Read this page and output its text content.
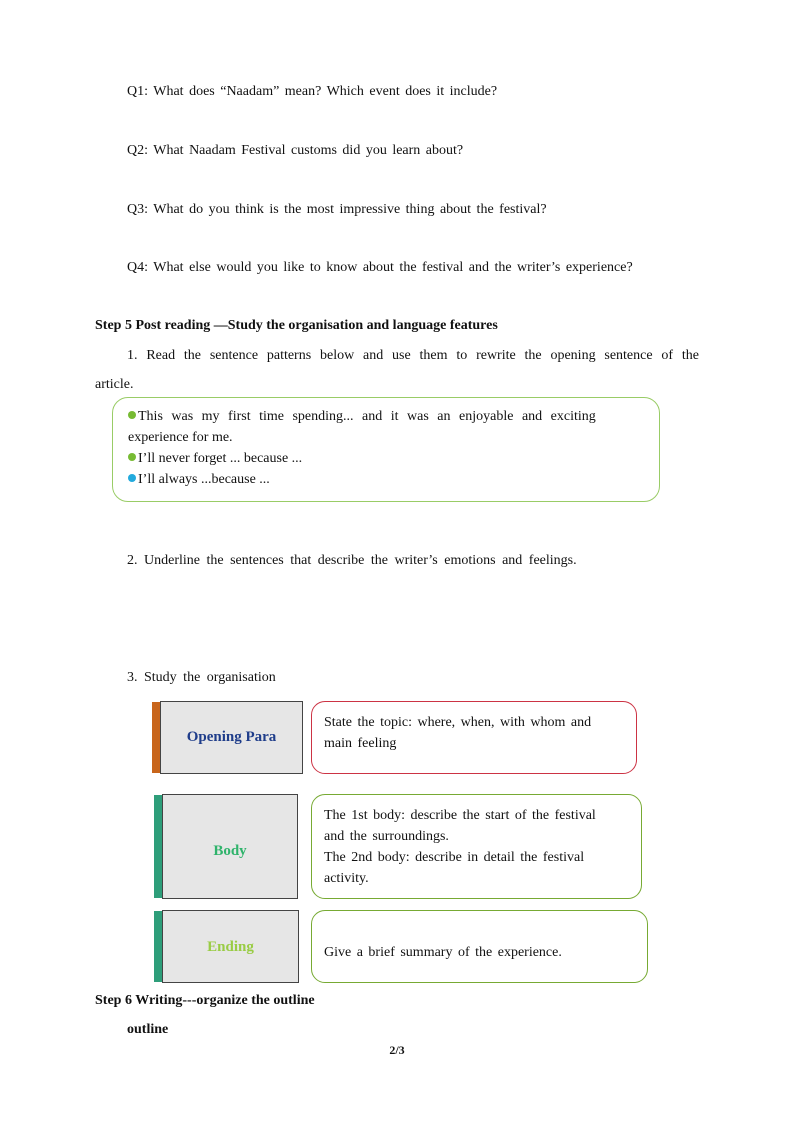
Q1: What does “Naadam” mean? Which event does it include?
Q2: What Naadam Festival customs did you learn about?
Q3: What do you think is the most impressive thing about the festival?
Q4: What else would you like to know about the festival and the writer’s experience?
Step 5 Post reading —Study the organisation and language features
1. Read the sentence patterns below and use them to rewrite the opening sentence of the
article.
This was my first time spending... and it was an enjoyable and exciting
experience for me.
I’ll never forget ... because ...
I’ll always ...because ...
2. Underline the sentences that describe the writer’s emotions and feelings.
3. Study the organisation
Opening Para
State the topic: where, when, with whom and
main feeling
Body
The 1st body: describe the start of the festival
and the surroundings.
The 2nd body: describe in detail the festival
activity.
Ending	Give a brief summary of the experience.
Step 6 Writing---organize the outline
outline
2/3
